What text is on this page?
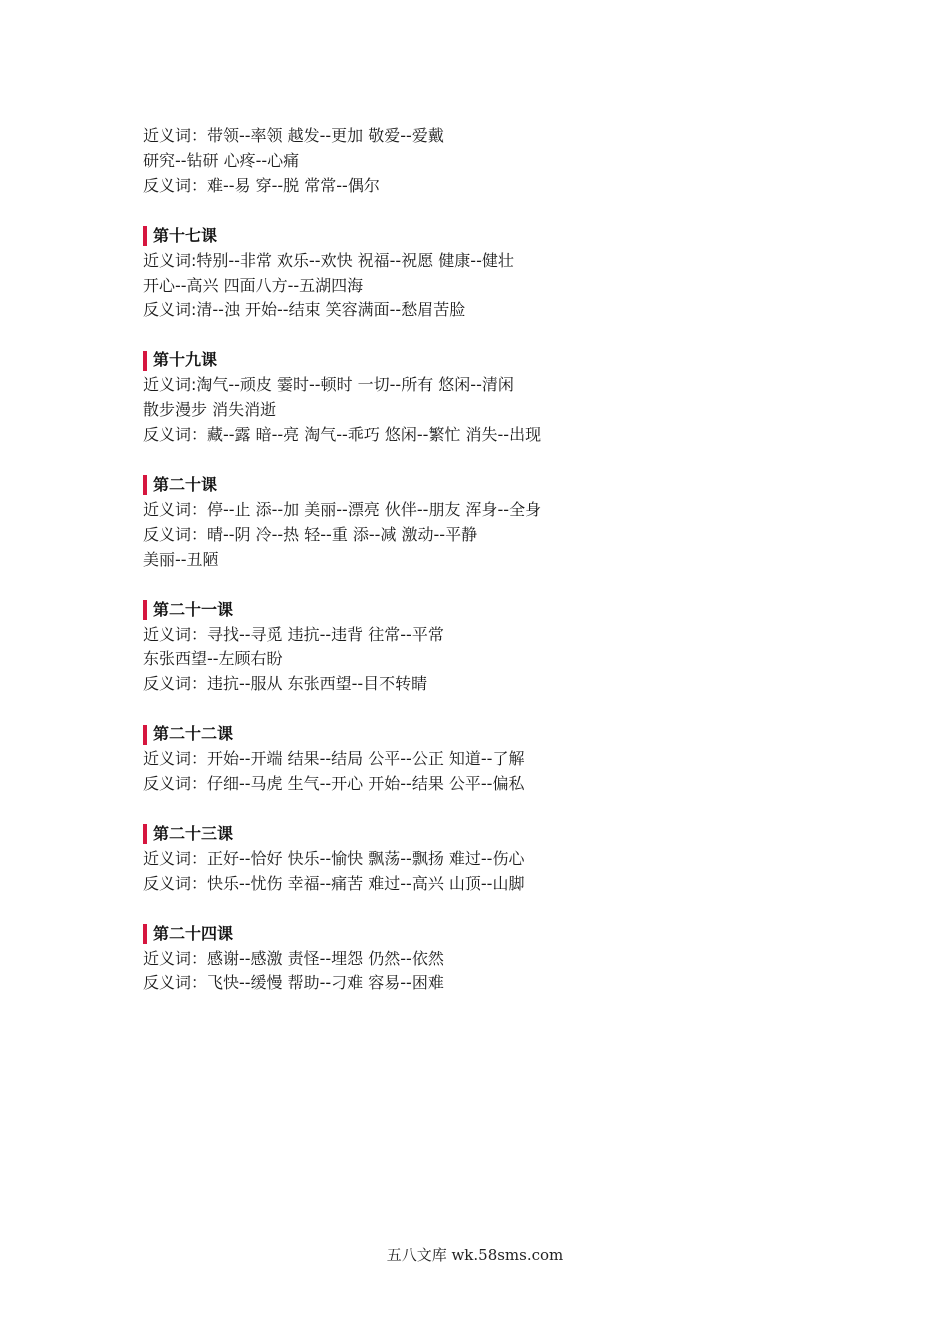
近义词：带领--率领 越发--更加 敬爱--爱戴
研究--钻研 心疼--心痛
反义词：难--易 穿--脱 常常--偶尔
第十七课
近义词:特别--非常 欢乐--欢快 祝福--祝愿 健康--健壮
开心--高兴 四面八方--五湖四海
反义词:清--浊 开始--结束 笑容满面--愁眉苦脸
第十九课
近义词:淘气--顽皮 霎时--顿时 一切--所有 悠闲--清闲
散步漫步 消失消逝
反义词：藏--露 暗--亮 淘气--乖巧 悠闲--繁忙 消失--出现
第二十课
近义词：停--止 添--加 美丽--漂亮 伙伴--朋友 浑身--全身
反义词：晴--阴 冷--热 轻--重 添--减 激动--平静
美丽--丑陋
第二十一课
近义词：寻找--寻觅 违抗--违背 往常--平常
东张西望--左顾右盼
反义词：违抗--服从 东张西望--目不转睛
第二十二课
近义词：开始--开端 结果--结局 公平--公正 知道--了解
反义词：仔细--马虎 生气--开心 开始--结果 公平--偏私
第二十三课
近义词：正好--恰好 快乐--愉快 飘荡--飘扬 难过--伤心
反义词：快乐--忧伤 幸福--痛苦 难过--高兴 山顶--山脚
第二十四课
近义词：感谢--感激 责怪--埋怨 仍然--依然
反义词：飞快--缓慢 帮助--刁难 容易--困难
五八文库 wk.58sms.com
